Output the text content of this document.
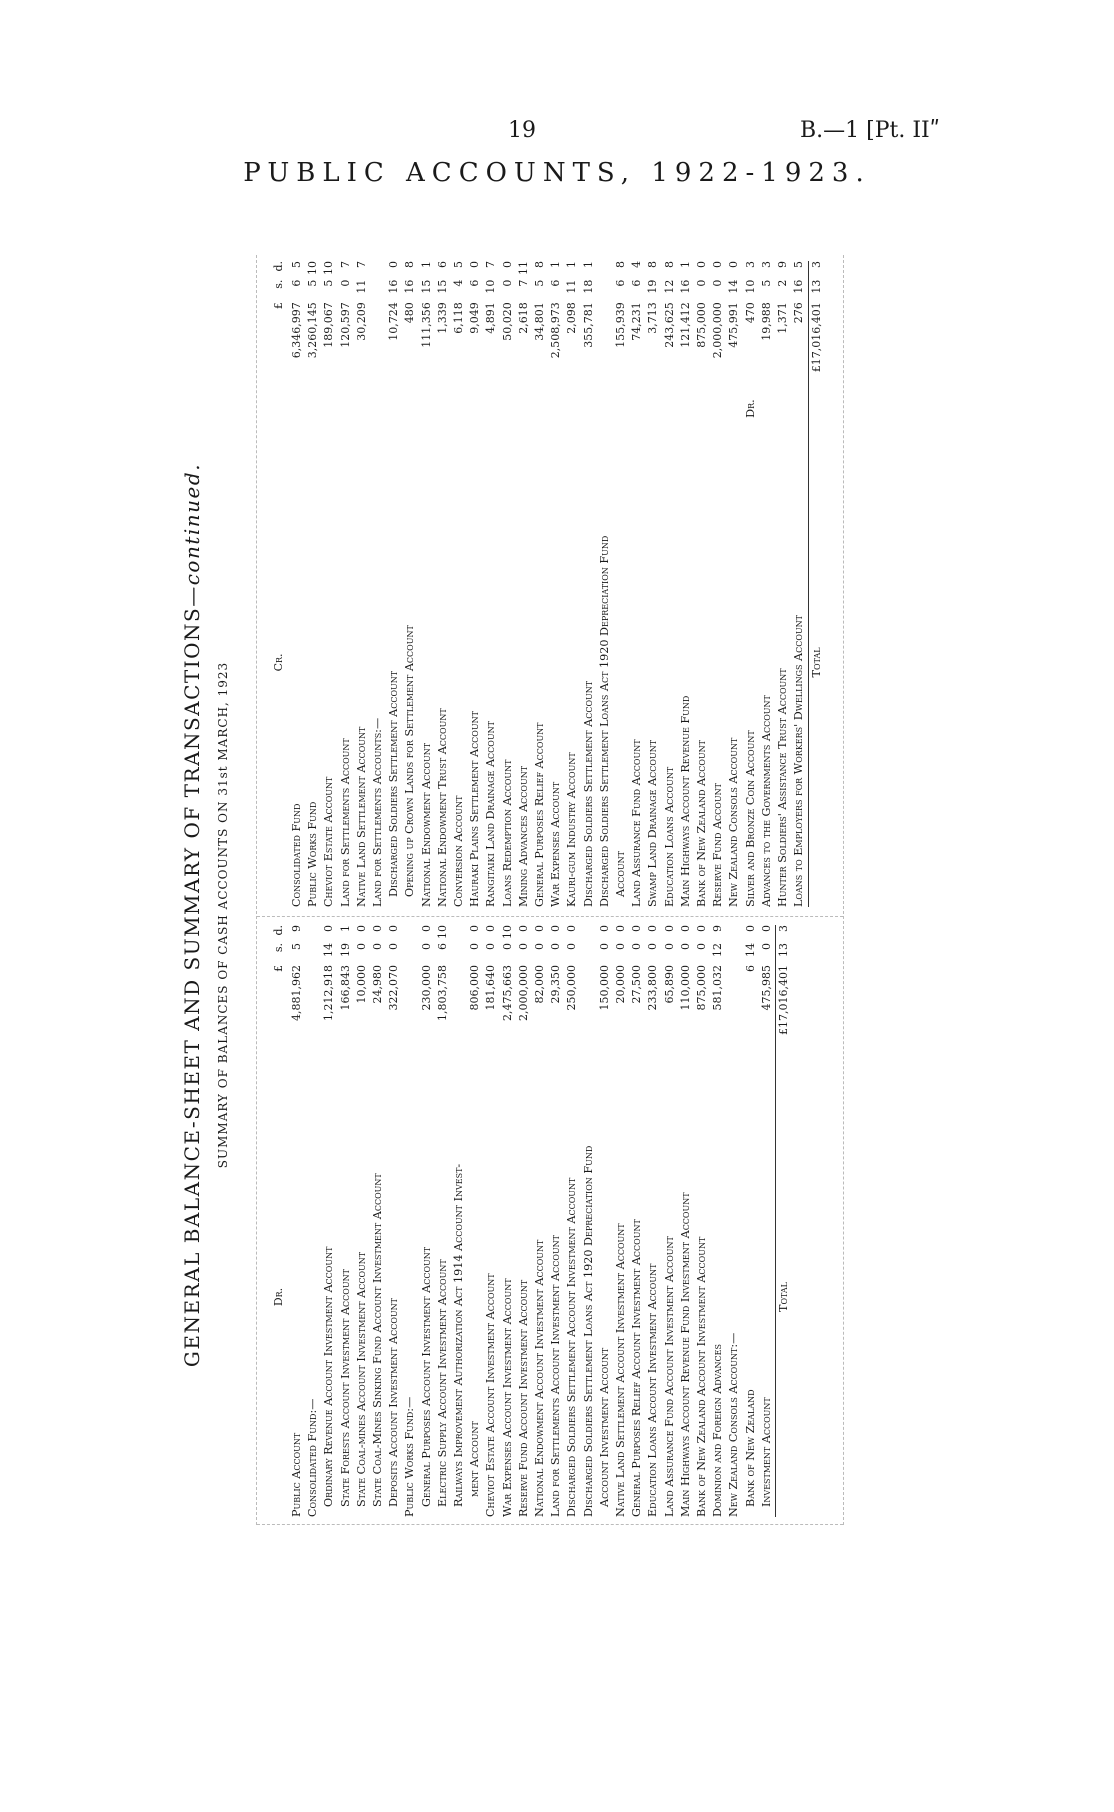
19	B.—1 [Pt. IIʺ
PUBLIC ACCOUNTS, 1922-1923.
GENERAL BALANCE-SHEET AND SUMMARY OF TRANSACTIONS—continued.
SUMMARY OF BALANCES OF CASH ACCOUNTS ON 31st MARCH, 1923
Dr.	£	s.	d.
Public Account	4,881,962	5	9
Consolidated Fund:—			
Ordinary Revenue Account Investment Account	1,212,918	14	0
State Forests Account Investment Account	166,843	19	1
State Coal-mines Account Investment Account	10,000	0	0
State Coal-Mines Sinking Fund Account Investment Account	24,980	0	0
Deposits Account Investment Account	322,070	0	0
Public Works Fund:—			
General Purposes Account Investment Account	230,000	0	0
Electric Supply Account Investment Account	1,803,758	6	10
Railways Improvement Authorization Act 1914 Account Invest-			
ment Account	806,000	0	0
Cheviot Estate Account Investment Account	181,640	0	0
War Expenses Account Investment Account	2,475,663	0	10
Reserve Fund Account Investment Account	2,000,000	0	0
National Endowment Account Investment Account	82,000	0	0
Land for Settlements Account Investment Account	29,350	0	0
Discharged Soldiers Settlement Account Investment Account	250,000	0	0
Discharged Soldiers Settlement Loans Act 1920 Depreciation Fund			
Account Investment Account	150,000	0	0
Native Land Settlement Account Investment Account	20,000	0	0
General Purposes Relief Account Investment Account	27,500	0	0
Education Loans Account Investment Account	233,800	0	0
Land Assurance Fund Account Investment Account	65,890	0	0
Main Highways Account Revenue Fund Investment Account	110,000	0	0
Bank of New Zealand Account Investment Account	875,000	0	0
Dominion and Foreign Advances	581,032	12	9
New Zealand Consols Account:—			
Bank of New Zealand	6	14	0
Investment Account	475,985	0	0
Total	£17,016,401	13	3
Cr.		£	s.	d.
Consolidated Fund		6,346,997	6	5
Public Works Fund		3,260,145	5	10
Cheviot Estate Account		189,067	5	10
Land for Settlements Account		120,597	0	7
Native Land Settlement Account		30,209	11	7
Land for Settlements Accounts:—				
Discharged Soldiers Settlement Account		10,724	16	0
Opening up Crown Lands for Settlement Account		480	16	8
National Endowment Account		111,356	15	1
National Endowment Trust Account		1,339	15	6
Conversion Account		6,118	4	5
Hauraki Plains Settlement Account		9,049	6	0
Rangitaiki Land Drainage Account		4,891	10	7
Loans Redemption Account		50,020	0	0
Mining Advances Account		2,618	7	11
General Purposes Relief Account		34,801	5	8
War Expenses Account		2,508,973	6	1
Kauri-gum Industry Account		2,098	11	1
Discharged Soldiers Settlement Account		355,781	18	1
Discharged Soldiers Settlement Loans Act 1920 Depreciation Fund				
Account		155,939	6	8
Land Assurance Fund Account		74,231	6	4
Swamp Land Drainage Account		3,713	19	8
Education Loans Account		243,625	12	8
Main Highways Account Revenue Fund		121,412	16	1
Bank of New Zealand Account		875,000	0	0
Reserve Fund Account		2,000,000	0	0
New Zealand Consols Account		475,991	14	0
Silver and Bronze Coin Account	Dr.	470	10	3
Advances to the Governments Account		19,988	5	3
Hunter Soldiers' Assistance Trust Account		1,371	2	9
Loans to Employers for Workers' Dwellings Account		276	16	5
Total		£17,016,401	13	3
